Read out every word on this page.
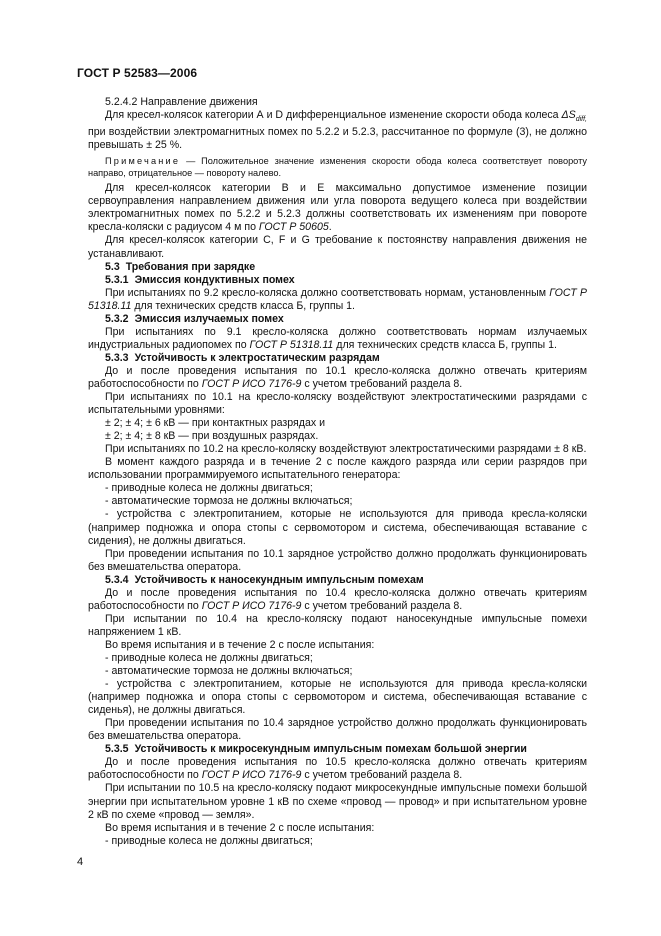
ГОСТ Р 52583—2006

5.2.4.2 Направление движения

Для кресел-колясок категории А и D дифференциальное изменение скорости обода колеса $\Delta S_{diff,}$ при воздействии электромагнитных помех по 5.2.2 и 5.2.3, рассчитанное по формуле (3), не должно превышать ± 25 %.

Примечание — Положительное значение изменения скорости обода колеса соответствует повороту направо, отрицательное — повороту налево.

Для кресел-колясок категории В и Е максимально допустимое изменение позиции сервоуправления направлением движения или угла поворота ведущего колеса при воздействии электромагнитных помех по 5.2.2 и 5.2.3 должны соответствовать их изменениям при повороте кресла-коляски с радиусом 4 м по ГОСТ Р 50605.

Для кресел-колясок категории С, F и G требование к постоянству направления движения не устанавливают.

5.3 Требования при зарядке

5.3.1 Эмиссия кондуктивных помех

При испытаниях по 9.2 кресло-коляска должно соответствовать нормам, установленным ГОСТ Р 51318.11 для технических средств класса Б, группы 1.

5.3.2 Эмиссия излучаемых помех

При испытаниях по 9.1 кресло-коляска должно соответствовать нормам излучаемых индустриальных радиопомех по ГОСТ Р 51318.11 для технических средств класса Б, группы 1.

5.3.3 Устойчивость к электростатическим разрядам

До и после проведения испытания по 10.1 кресло-коляска должно отвечать критериям работоспособности по ГОСТ Р ИСО 7176-9 с учетом требований раздела 8.

При испытаниях по 10.1 на кресло-коляску воздействуют электростатическими разрядами с испытательными уровнями:

± 2; ± 4; ± 6 кВ — при контактных разрядах и

± 2; ± 4; ± 8 кВ — при воздушных разрядах.

При испытаниях по 10.2 на кресло-коляску воздействуют электростатическими разрядами ± 8 кВ.

В момент каждого разряда и в течение 2 с после каждого разряда или серии разрядов при использовании программируемого испытательного генератора:

- приводные колеса не должны двигаться;

- автоматические тормоза не должны включаться;

- устройства с электропитанием, которые не используются для привода кресла-коляски (например подножка и опора стопы с сервомотором и система, обеспечивающая вставание с сидения), не должны двигаться.

При проведении испытания по 10.1 зарядное устройство должно продолжать функционировать без вмешательства оператора.

5.3.4 Устойчивость к наносекундным импульсным помехам

До и после проведения испытания по 10.4 кресло-коляска должно отвечать критериям работоспособности по ГОСТ Р ИСО 7176-9 с учетом требований раздела 8.

При испытании по 10.4 на кресло-коляску подают наносекундные импульсные помехи напряжением 1 кВ.

Во время испытания и в течение 2 с после испытания:

- приводные колеса не должны двигаться;

- автоматические тормоза не должны включаться;

- устройства с электропитанием, которые не используются для привода кресла-коляски (например подножка и опора стопы с сервомотором и система, обеспечивающая вставание с сиденья), не должны двигаться.

При проведении испытания по 10.4 зарядное устройство должно продолжать функционировать без вмешательства оператора.

5.3.5 Устойчивость к микросекундным импульсным помехам большой энергии

До и после проведения испытания по 10.5 кресло-коляска должно отвечать критериям работоспособности по ГОСТ Р ИСО 7176-9 с учетом требований раздела 8.

При испытании по 10.5 на кресло-коляску подают микросекундные импульсные помехи большой энергии при испытательном уровне 1 кВ по схеме «провод — провод» и при испытательном уровне 2 кВ по схеме «провод — земля».

Во время испытания и в течение 2 с после испытания:

- приводные колеса не должны двигаться;

4
